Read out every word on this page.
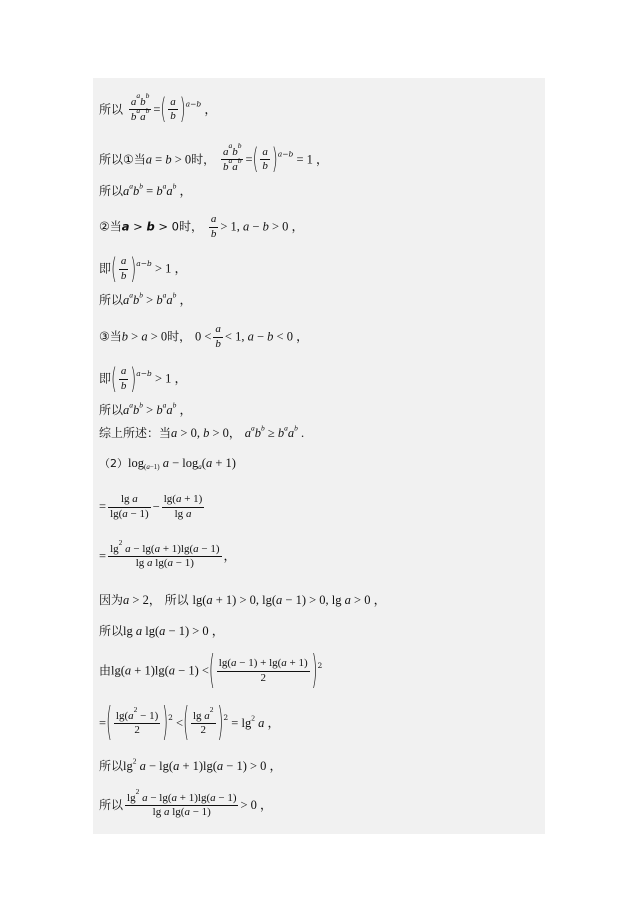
所以 $\frac{a^ab^b}{b^aa^b}$ =( $\frac{a}{b} )^{a-b}$ ，
所以①当a = b > 0时， $\frac{a^ab^b}{b^aa^b}$ =( $\frac{a}{b} )^{a-b} = 1$ ，
所以$a^ab^b = b^aa^b$ ，
②当a > b > 0时， $\frac{a}{b} > 1$, a − b > 0 ，
即( $\frac{a}{b} )^{a-b} > 1$ ，
所以$a^ab^b > b^aa^b$ ，
③当b > a > 0时， $0 < \frac{a}{b} < 1$, a − b < 0 ，
即( $\frac{a}{b} )^{a-b} > 1$ ，
所以$a^ab^b > b^aa^b$ ，
综上所述：当a > 0, b > 0， $a^ab^b \ge b^aa^b$ .
$(2)\log_{(a-1)}$ $a - \log_a(a + 1)$
= $\frac{\text{lg a}}{\lg(a - 1)} - \frac{\lg(a + 1)}{\text{lg a}}$
= $\frac{\lg^2 a - \lg(a + 1)\lg(a - 1)}{\text{lg a lg(a − 1)}}$ ，
因为a > 2， 所以 lg(a + 1) > 0, lg(a − 1) > 0, lg a > 0 ，
所以lg a lg(a − 1) > 0 ，
由lg(a + 1)lg(a − 1) <( $\frac{\lg(a - 1) + \lg(a + 1)}{2} )^2$
=( $\frac{\lg(a^2 - 1)}{2} )^2$ <( $\frac{\lg a^2}{2} )^2 = \lg^2 a$ ，
所以$\lg^2 a - \lg(a + 1)\lg(a - 1) > 0$ ，
所以 $\frac{\lg^2 a - \lg(a + 1)\lg(a - 1)}{\text{lg a lg(a − 1)}} > 0$ ，
